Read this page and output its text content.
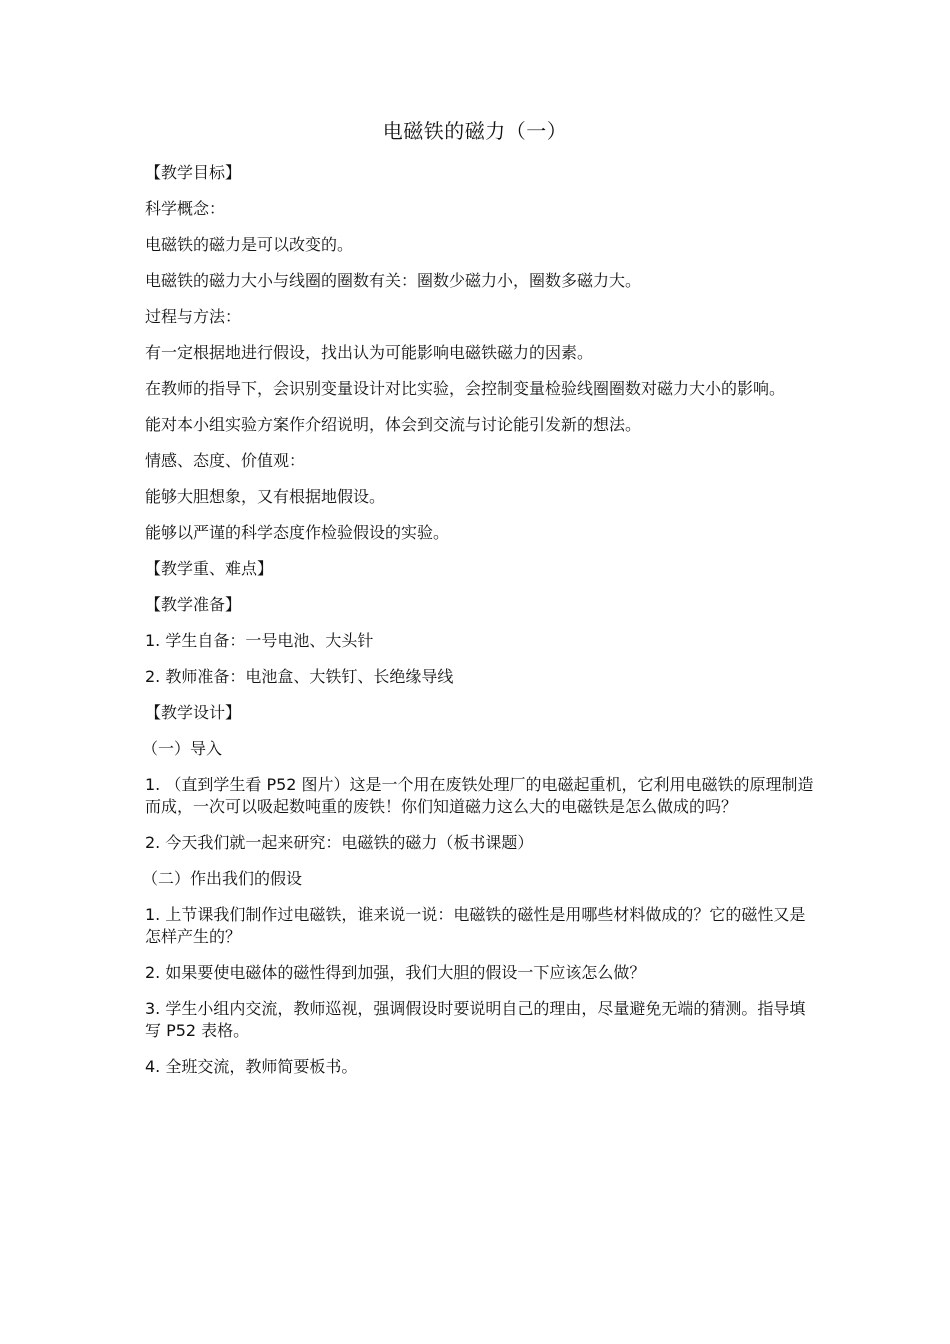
电磁铁的磁力（一）

【教学目标】

科学概念：

电磁铁的磁力是可以改变的。

电磁铁的磁力大小与线圈的圈数有关：圈数少磁力小，圈数多磁力大。

过程与方法：

有一定根据地进行假设，找出认为可能影响电磁铁磁力的因素。

在教师的指导下，会识别变量设计对比实验，会控制变量检验线圈圈数对磁力大小的影响。

能对本小组实验方案作介绍说明，体会到交流与讨论能引发新的想法。

情感、态度、价值观：

能够大胆想象，又有根据地假设。

能够以严谨的科学态度作检验假设的实验。

【教学重、难点】

【教学准备】

1. 学生自备：一号电池、大头针

2. 教师准备：电池盒、大铁钉、长绝缘导线

【教学设计】

（一）导入

1. （直到学生看 P52 图片）这是一个用在废铁处理厂的电磁起重机，它利用电磁铁的原理制造而成，一次可以吸起数吨重的废铁！你们知道磁力这么大的电磁铁是怎么做成的吗？

2. 今天我们就一起来研究：电磁铁的磁力（板书课题）

（二）作出我们的假设

1. 上节课我们制作过电磁铁，谁来说一说：电磁铁的磁性是用哪些材料做成的？它的磁性又是怎样产生的？

2. 如果要使电磁体的磁性得到加强，我们大胆的假设一下应该怎么做？

3. 学生小组内交流，教师巡视，强调假设时要说明自己的理由，尽量避免无端的猜测。指导填写 P52 表格。

4. 全班交流，教师简要板书。
